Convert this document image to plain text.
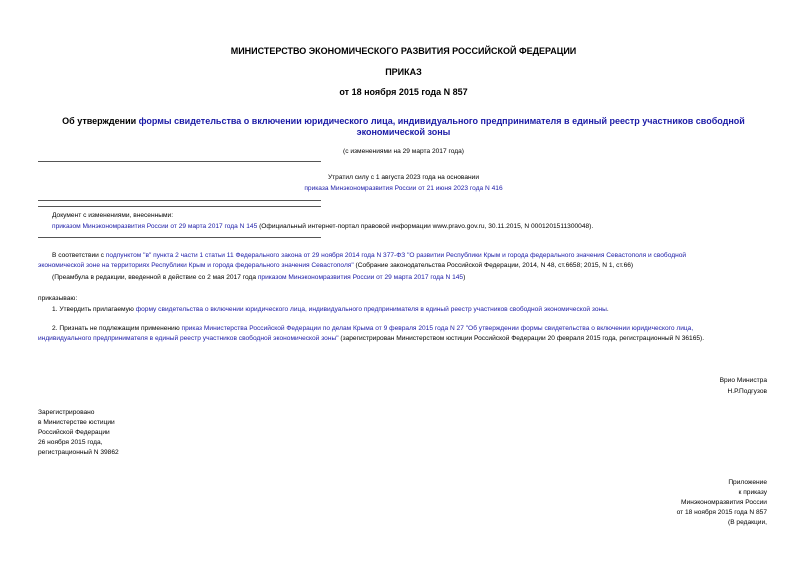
МИНИСТЕРСТВО ЭКОНОМИЧЕСКОГО РАЗВИТИЯ РОССИЙСКОЙ ФЕДЕРАЦИИ
ПРИКАЗ
от 18 ноября 2015 года N 857
Об утверждении формы свидетельства о включении юридического лица, индивидуального предпринимателя в единый реестр участников свободной
экономической зоны
(с изменениями на 29 марта 2017 года)
Утратил силу с 1 августа 2023 года на основании
приказа Минэкономразвития России от 21 июня 2023 года N 416
Документ с изменениями, внесенными:
приказом Минэкономразвития России от 29 марта 2017 года N 145 (Официальный интернет-портал правовой информации www.pravo.gov.ru, 30.11.2015, N 0001201511300048).
В соответствии с подпунктом "в" пункта 2 части 1 статьи 11 Федерального закона от 29 ноября 2014 года N 377-ФЗ "О развитии Республики Крым и города федерального значения Севастополя и свободной
экономической зоне на территориях Республики Крым и города федерального значения Севастополя" (Собрание законодательства Российской Федерации, 2014, N 48, ст.6658; 2015, N 1, ст.66)
(Преамбула в редакции, введенной в действие со 2 мая 2017 года приказом Минэкономразвития России от 29 марта 2017 года N 145)
приказываю:
1. Утвердить прилагаемую форму свидетельства о включении юридического лица, индивидуального предпринимателя в единый реестр участников свободной экономической зоны.
2. Признать не подлежащим применению приказ Министерства Российской Федерации по делам Крыма от 9 февраля 2015 года N 27 "Об утверждении формы свидетельства о включении юридического лица,
индивидуального предпринимателя в единый реестр участников свободной экономической зоны" (зарегистрирован Министерством юстиции Российской Федерации 20 февраля 2015 года, регистрационный N 36165).
Врио Министра
Н.Р.Подгузов
Зарегистрировано
в Министерстве юстиции
Российской Федерации
26 ноября 2015 года,
регистрационный N 39862
Приложение
к приказу
Минэкономразвития России
от 18 ноября 2015 года N 857
(В редакции,
